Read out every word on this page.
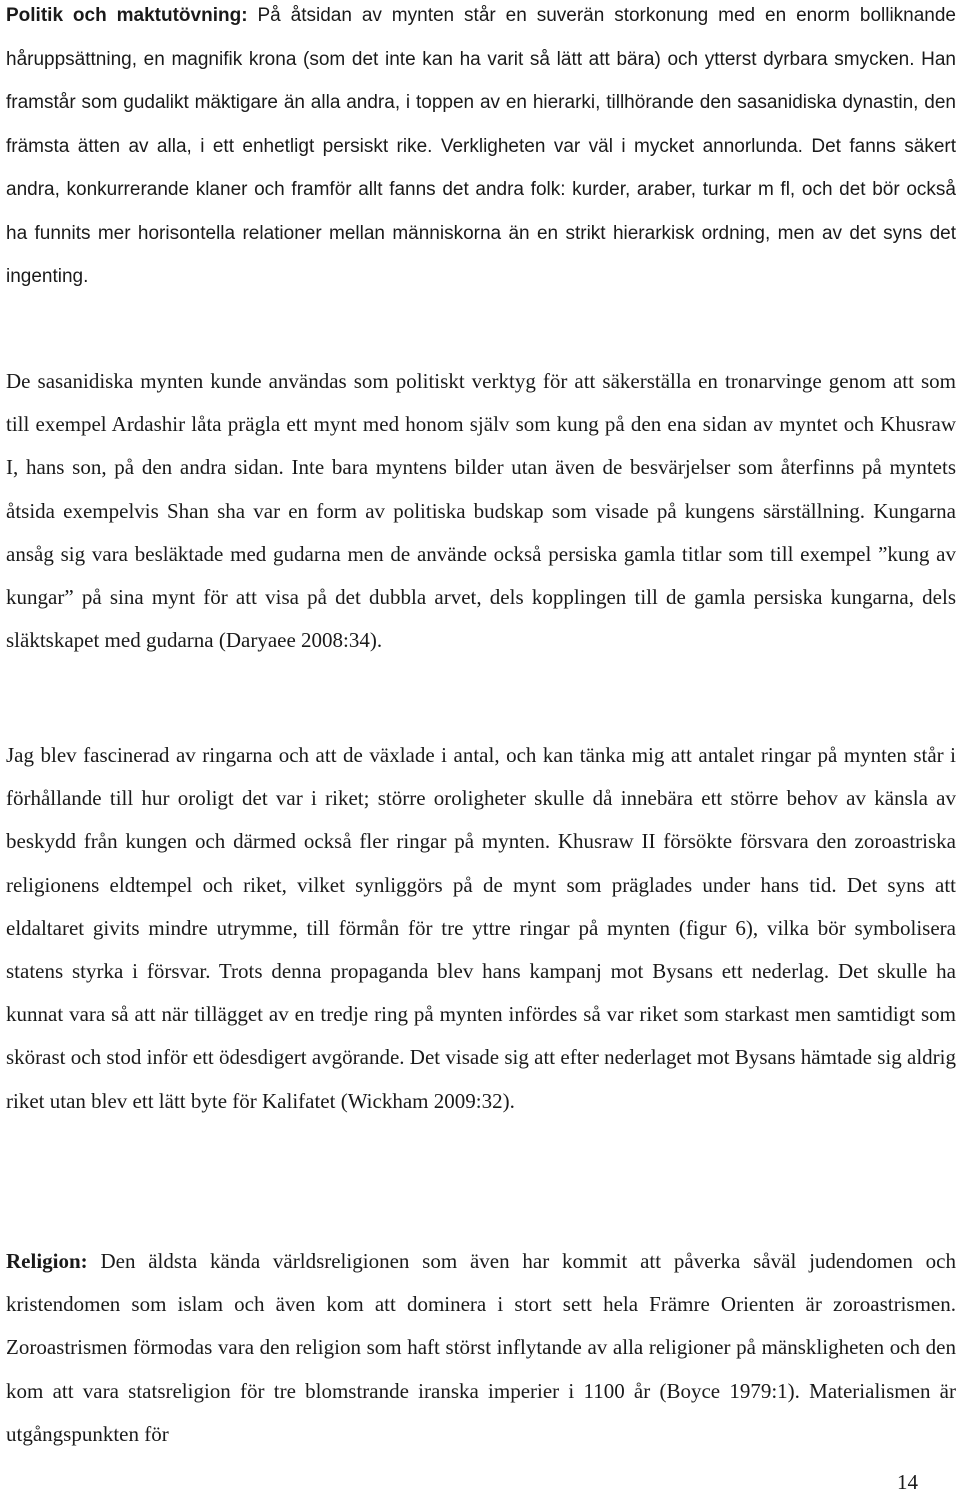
Politik och maktutövning: På åtsidan av mynten står en suverän storkonung med en enorm bolliknande håruppsättning, en magnifik krona (som det inte kan ha varit så lätt att bära) och ytterst dyrbara smycken. Han framstår som gudalikt mäktigare än alla andra, i toppen av en hierarki, tillhörande den sasanidiska dynastin, den främsta ätten av alla, i ett enhetligt persiskt rike. Verkligheten var väl i mycket annorlunda. Det fanns säkert andra, konkurrerande klaner och framför allt fanns det andra folk: kurder, araber, turkar m fl, och det bör också ha funnits mer horisontella relationer mellan människorna än en strikt hierarkisk ordning, men av det syns det ingenting.

De sasanidiska mynten kunde användas som politiskt verktyg för att säkerställa en tronarvinge genom att som till exempel Ardashir låta prägla ett mynt med honom själv som kung på den ena sidan av myntet och Khusraw I, hans son, på den andra sidan. Inte bara myntens bilder utan även de besvärjelser som återfinns på myntets åtsida exempelvis Shan sha var en form av politiska budskap som visade på kungens särställning. Kungarna ansåg sig vara besläktade med gudarna men de använde också persiska gamla titlar som till exempel ”kung av kungar” på sina mynt för att visa på det dubbla arvet, dels kopplingen till de gamla persiska kungarna, dels släktskapet med gudarna (Daryaee 2008:34).

Jag blev fascinerad av ringarna och att de växlade i antal, och kan tänka mig att antalet ringar på mynten står i förhållande till hur oroligt det var i riket; större oroligheter skulle då innebära ett större behov av känsla av beskydd från kungen och därmed också fler ringar på mynten. Khusraw II försökte försvara den zoroastriska religionens eldtempel och riket, vilket synliggörs på de mynt som präglades under hans tid. Det syns att eldaltaret givits mindre utrymme, till förmån för tre yttre ringar på mynten (figur 6), vilka bör symbolisera statens styrka i försvar. Trots denna propaganda blev hans kampanj mot Bysans ett nederlag. Det skulle ha kunnat vara så att när tillägget av en tredje ring på mynten infördes så var riket som starkast men samtidigt som skörast och stod inför ett ödesdigert avgörande. Det visade sig att efter nederlaget mot Bysans hämtade sig aldrig riket utan blev ett lätt byte för Kalifatet (Wickham 2009:32).

Religion: Den äldsta kända världsreligionen som även har kommit att påverka såväl judendomen och kristendomen som islam och även kom att dominera i stort sett hela Främre Orienten är zoroastrismen. Zoroastrismen förmodas vara den religion som haft störst inflytande av alla religioner på mänskligheten och den kom att vara statsreligion för tre blomstrande iranska imperier i 1100 år (Boyce 1979:1). Materialismen är utgångspunkten för

14
